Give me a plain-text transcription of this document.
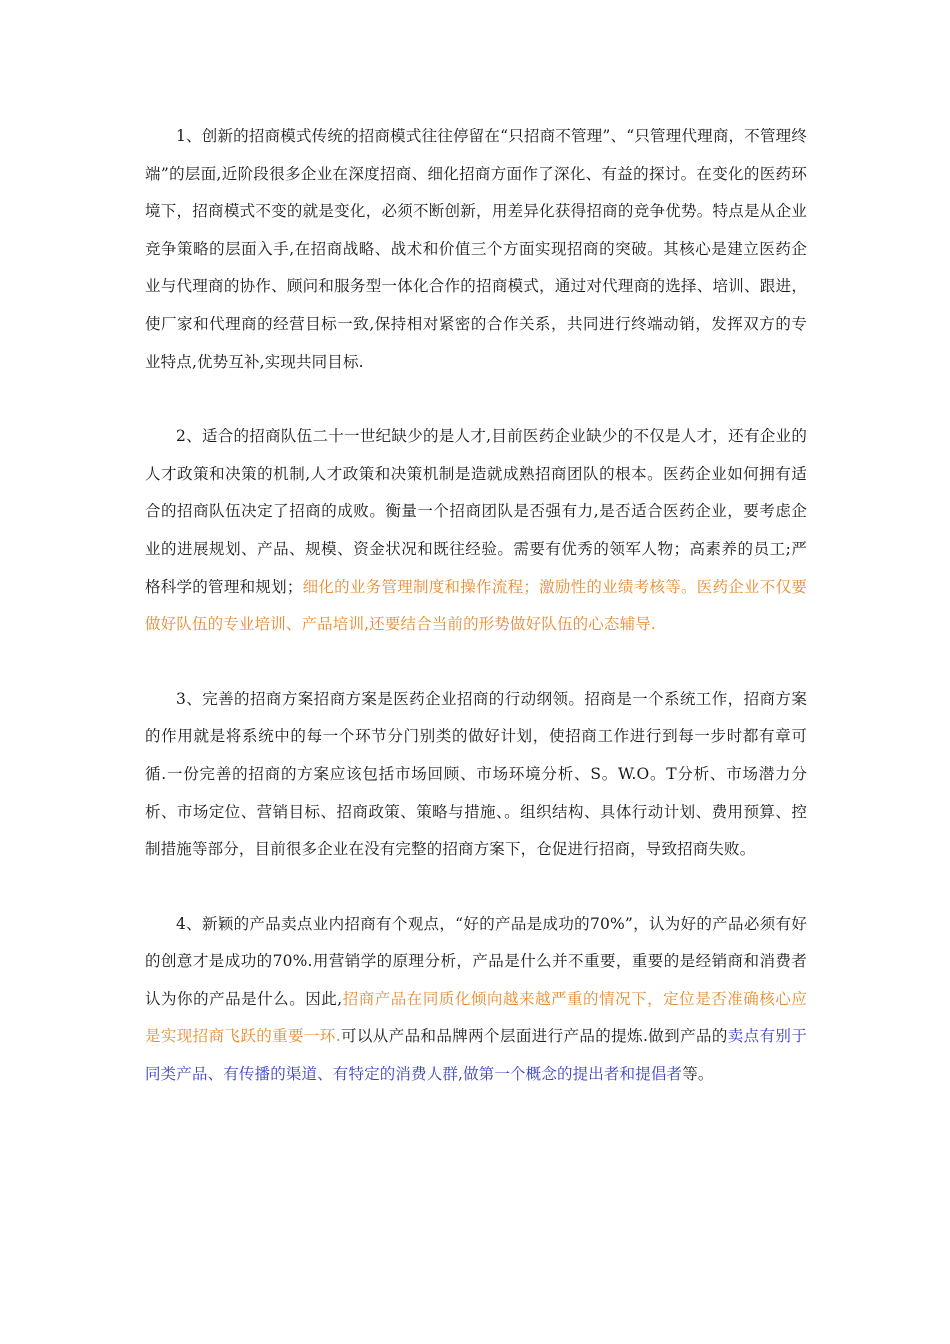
1、创新的招商模式传统的招商模式往往停留在“只招商不管理”、“只管理代理商，不管理终端”的层面,近阶段很多企业在深度招商、细化招商方面作了深化、有益的探讨。在变化的医药环境下，招商模式不变的就是变化，必须不断创新，用差异化获得招商的竞争优势。特点是从企业竞争策略的层面入手,在招商战略、战术和价值三个方面实现招商的突破。其核心是建立医药企业与代理商的协作、顾问和服务型一体化合作的招商模式，通过对代理商的选择、培训、跟进，使厂家和代理商的经营目标一致,保持相对紧密的合作关系，共同进行终端动销，发挥双方的专业特点,优势互补,实现共同目标.

2、适合的招商队伍二十一世纪缺少的是人才,目前医药企业缺少的不仅是人才，还有企业的人才政策和决策的机制,人才政策和决策机制是造就成熟招商团队的根本。医药企业如何拥有适合的招商队伍决定了招商的成败。衡量一个招商团队是否强有力,是否适合医药企业，要考虑企业的进展规划、产品、规模、资金状况和既往经验。需要有优秀的领军人物；高素养的员工;严格科学的管理和规划；细化的业务管理制度和操作流程；激励性的业绩考核等。医药企业不仅要做好队伍的专业培训、产品培训,还要结合当前的形势做好队伍的心态辅导.

3、完善的招商方案招商方案是医药企业招商的行动纲领。招商是一个系统工作，招商方案的作用就是将系统中的每一个环节分门别类的做好计划，使招商工作进行到每一步时都有章可循.一份完善的招商的方案应该包括市场回顾、市场环境分析、S。W.O。T分析、市场潜力分析、市场定位、营销目标、招商政策、策略与措施、。组织结构、具体行动计划、费用预算、控制措施等部分，目前很多企业在没有完整的招商方案下，仓促进行招商，导致招商失败。

4、新颖的产品卖点业内招商有个观点，“好的产品是成功的70%”，认为好的产品必须有好的创意才是成功的70%.用营销学的原理分析，产品是什么并不重要，重要的是经销商和消费者认为你的产品是什么。因此,招商产品在同质化倾向越来越严重的情况下，定位是否准确核心应是实现招商飞跃的重要一环.可以从产品和品牌两个层面进行产品的提炼.做到产品的卖点有别于同类产品、有传播的渠道、有特定的消费人群,做第一个概念的提出者和提倡者等。
